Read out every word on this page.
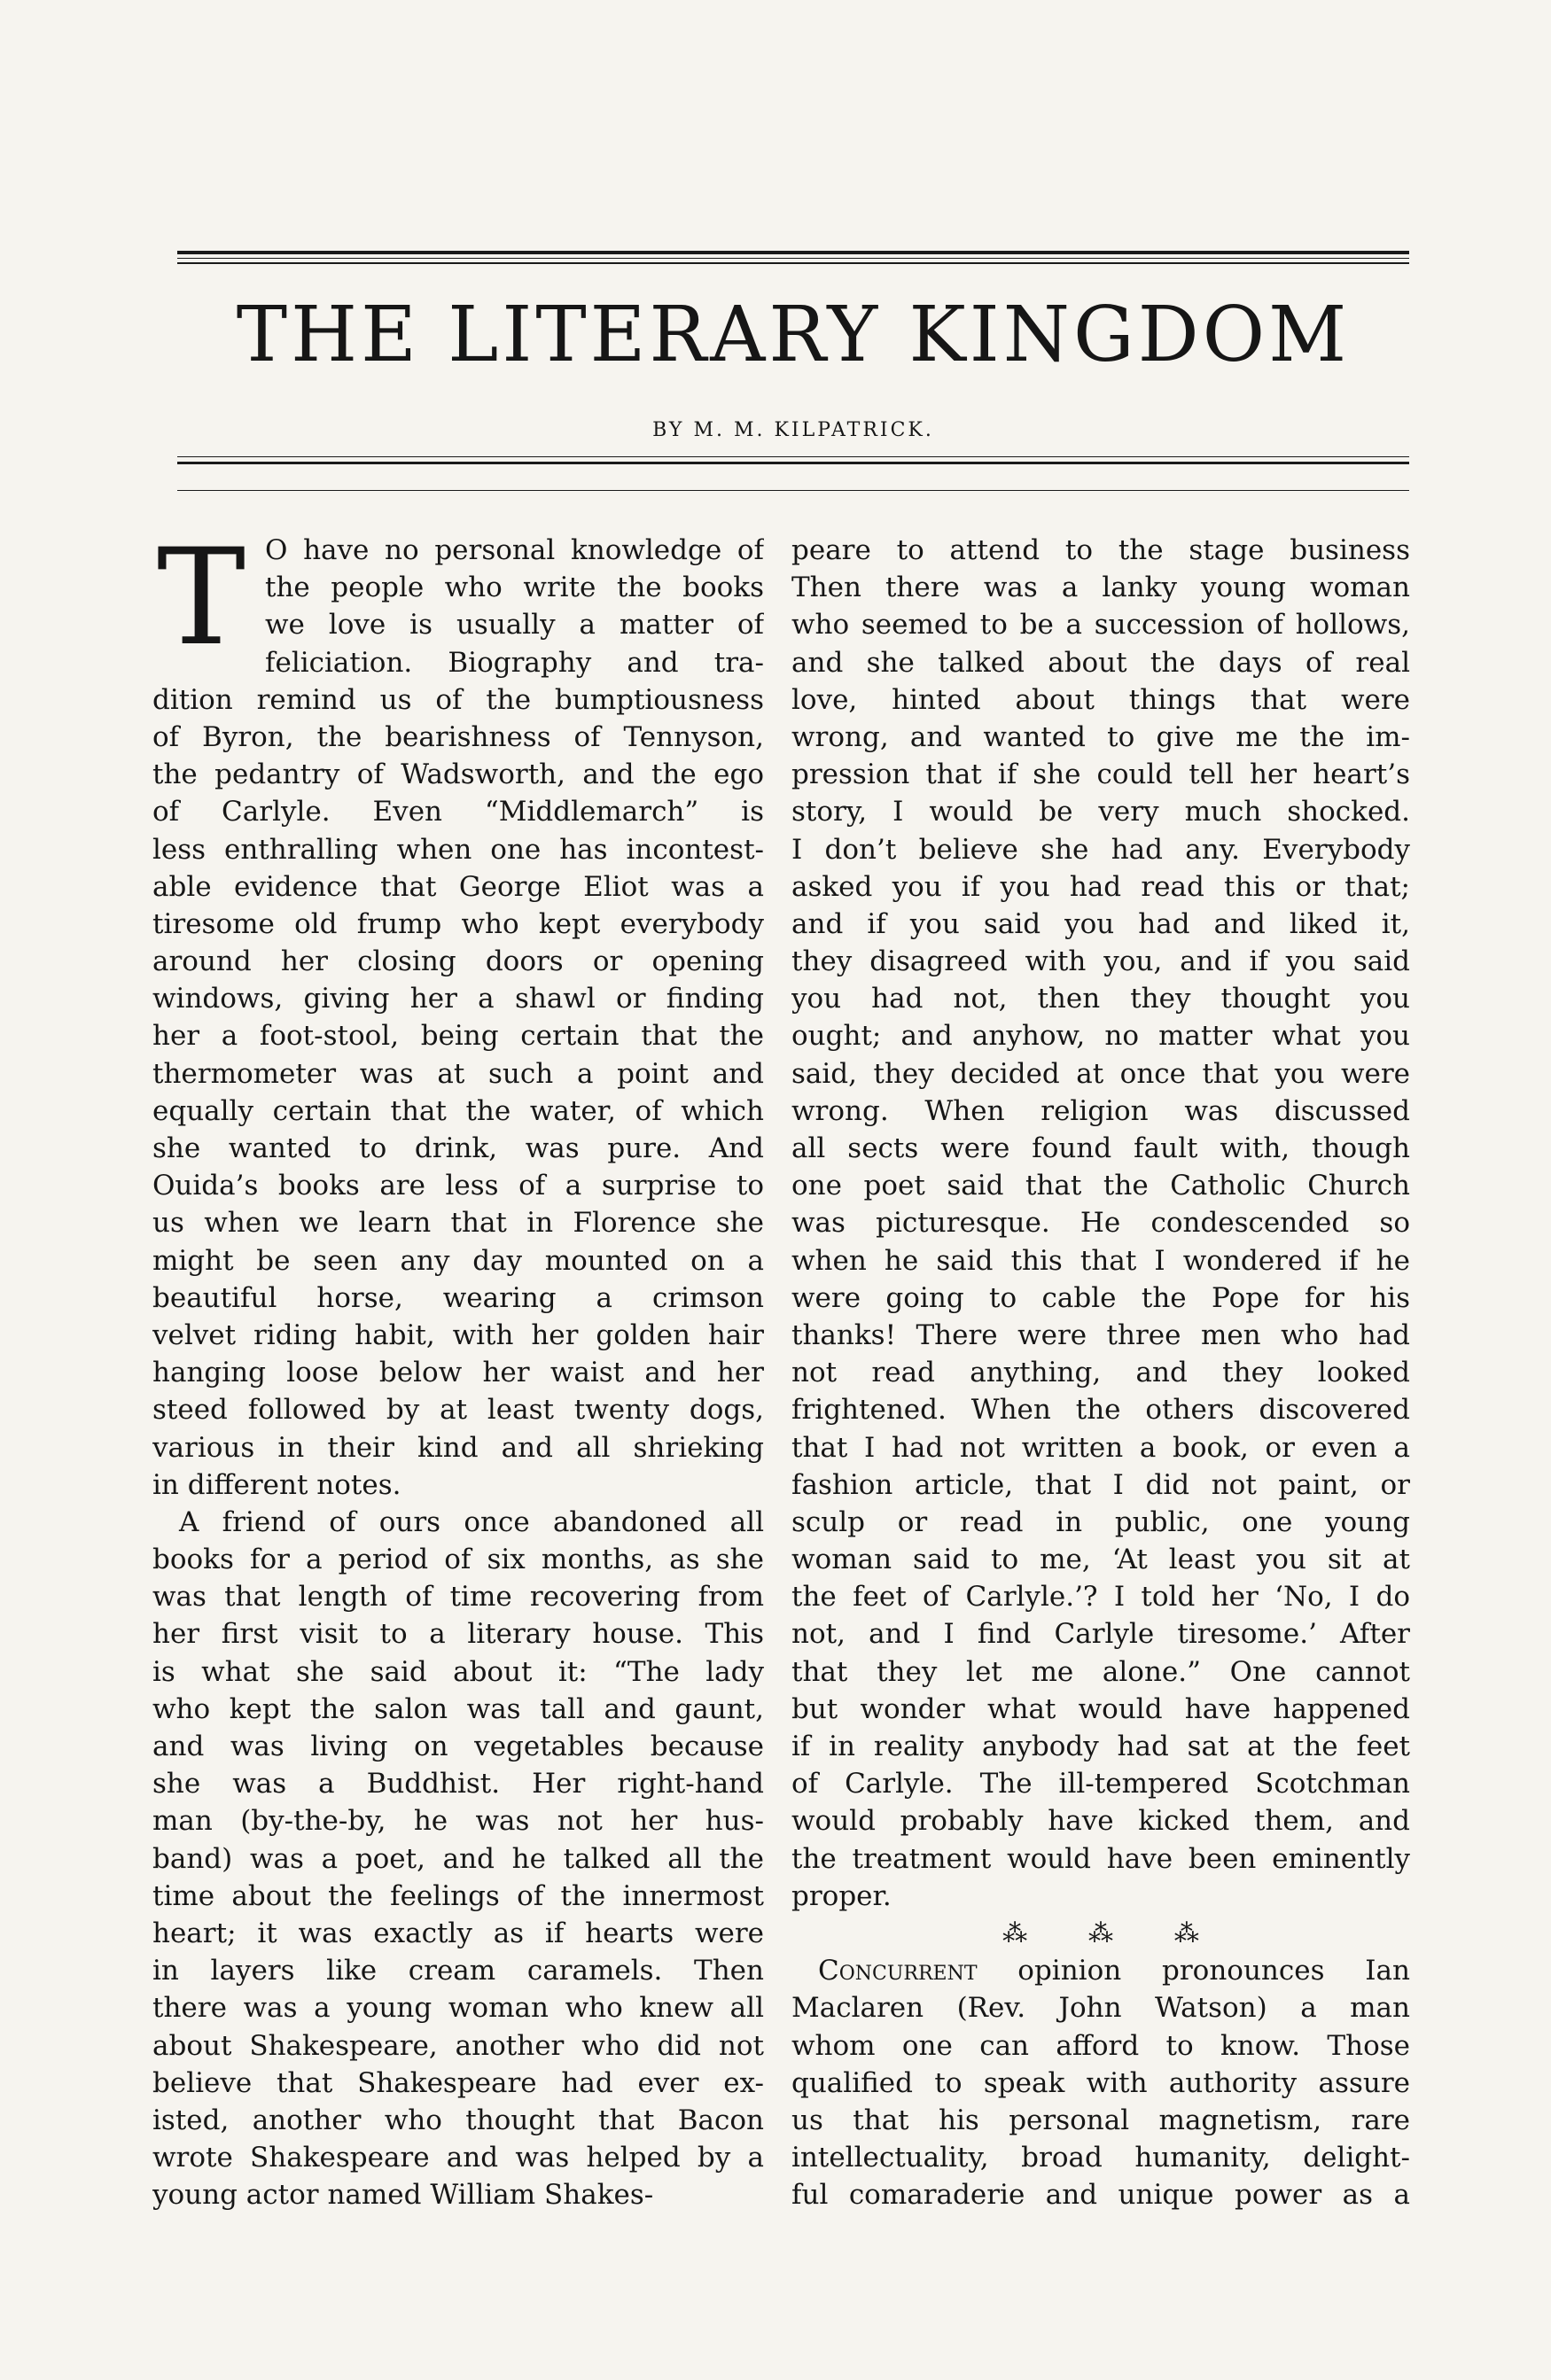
THE LITERARY KINGDOM
BY M. M. KILPATRICK.
T O have no personal knowledge of
the people who write the books
we love is usually a matter of
feliciation. Biography and tra-
dition remind us of the bumptiousness
of Byron, the bearishness of Tennyson,
the pedantry of Wadsworth, and the ego
of Carlyle. Even “Middlemarch” is
less enthralling when one has incontest-
able evidence that George Eliot was a
tiresome old frump who kept everybody
around her closing doors or opening
windows, giving her a shawl or finding
her a foot-stool, being certain that the
thermometer was at such a point and
equally certain that the water, of which
she wanted to drink, was pure. And
Ouida’s books are less of a surprise to
us when we learn that in Florence she
might be seen any day mounted on a
beautiful horse, wearing a crimson
velvet riding habit, with her golden hair
hanging loose below her waist and her
steed followed by at least twenty dogs,
various in their kind and all shrieking
in different notes.
A friend of ours once abandoned all
books for a period of six months, as she
was that length of time recovering from
her first visit to a literary house. This
is what she said about it: “The lady
who kept the salon was tall and gaunt,
and was living on vegetables because
she was a Buddhist. Her right-hand
man (by-the-by, he was not her hus-
band) was a poet, and he talked all the
time about the feelings of the innermost
heart; it was exactly as if hearts were
in layers like cream caramels. Then
there was a young woman who knew all
about Shakespeare, another who did not
believe that Shakespeare had ever ex-
isted, another who thought that Bacon
wrote Shakespeare and was helped by a
young actor named William Shakes-
peare to attend to the stage business
Then there was a lanky young woman
who seemed to be a succession of hollows,
and she talked about the days of real
love, hinted about things that were
wrong, and wanted to give me the im-
pression that if she could tell her heart’s
story, I would be very much shocked.
I don’t believe she had any. Everybody
asked you if you had read this or that;
and if you said you had and liked it,
they disagreed with you, and if you said
you had not, then they thought you
ought; and anyhow, no matter what you
said, they decided at once that you were
wrong. When religion was discussed
all sects were found fault with, though
one poet said that the Catholic Church
was picturesque. He condescended so
when he said this that I wondered if he
were going to cable the Pope for his
thanks! There were three men who had
not read anything, and they looked
frightened. When the others discovered
that I had not written a book, or even a
fashion article, that I did not paint, or
sculp or read in public, one young
woman said to me, ‘At least you sit at
the feet of Carlyle.’? I told her ‘No, I do
not, and I find Carlyle tiresome.’ After
that they let me alone.” One cannot
but wonder what would have happened
if in reality anybody had sat at the feet
of Carlyle. The ill-tempered Scotchman
would probably have kicked them, and
the treatment would have been eminently
proper.
⁂ ⁂ ⁂
Concurrent opinion pronounces Ian
Maclaren (Rev. John Watson) a man
whom one can afford to know. Those
qualified to speak with authority assure
us that his personal magnetism, rare
intellectuality, broad humanity, delight-
ful comaraderie and unique power as a
